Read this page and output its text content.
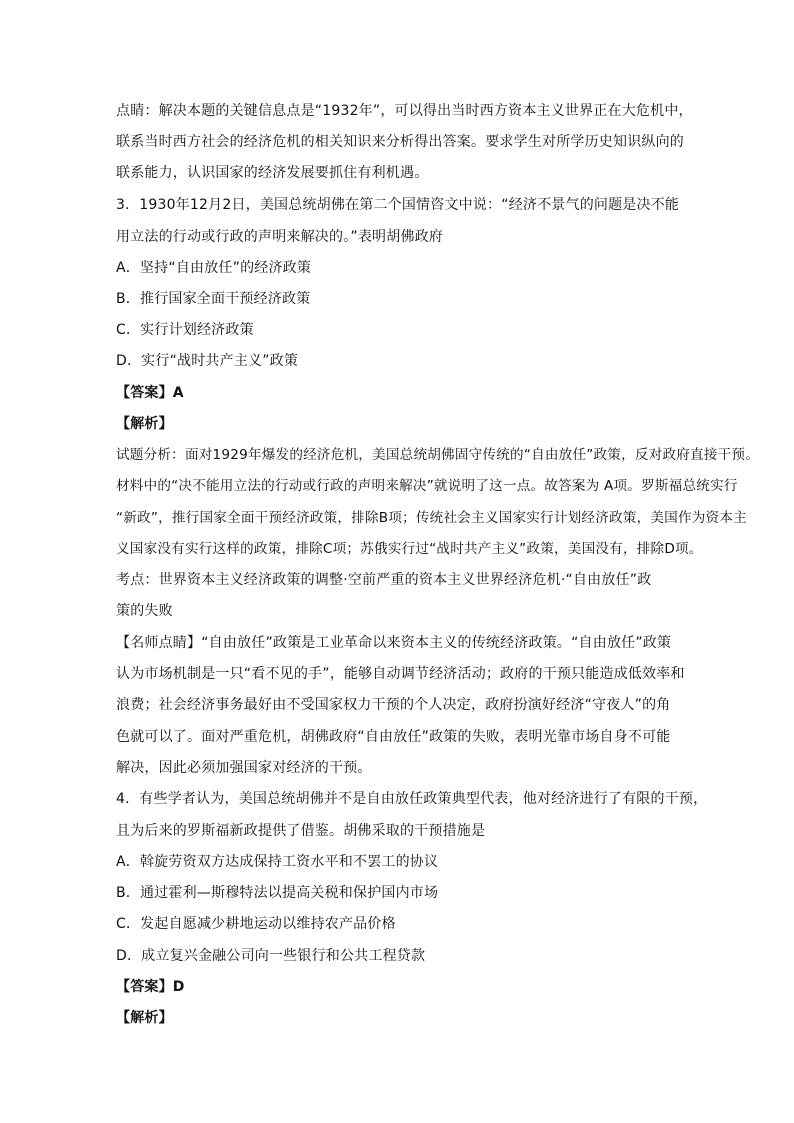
点睛：解决本题的关键信息点是“1932年”，可以得出当时西方资本主义世界正在大危机中，
联系当时西方社会的经济危机的相关知识来分析得出答案。要求学生对所学历史知识纵向的
联系能力，认识国家的经济发展要抓住有利机遇。
3．1930年12月2日，美国总统胡佛在第二个国情咨文中说：“经济不景气的问题是决不能
用立法的行动或行政的声明来解决的。”表明胡佛政府
A．坚持“自由放任”的经济政策
B．推行国家全面干预经济政策
C．实行计划经济政策
D．实行“战时共产主义”政策
【答案】A
【解析】
试题分析：面对1929年爆发的经济危机，美国总统胡佛固守传统的“自由放任”政策，反对政府直接干预。
材料中的“决不能用立法的行动或行政的声明来解决”就说明了这一点。故答案为 A项。罗斯福总统实行
“新政”，推行国家全面干预经济政策，排除B项；传统社会主义国家实行计划经济政策，美国作为资本主
义国家没有实行这样的政策，排除C项；苏俄实行过“战时共产主义”政策，美国没有，排除D项。
考点：世界资本主义经济政策的调整·空前严重的资本主义世界经济危机·“自由放任”政
策的失败
【名师点睛】“自由放任”政策是工业革命以来资本主义的传统经济政策。“自由放任”政策
认为市场机制是一只“看不见的手”，能够自动调节经济活动；政府的干预只能造成低效率和
浪费；社会经济事务最好由不受国家权力干预的个人决定，政府扮演好经济“守夜人”的角
色就可以了。面对严重危机，胡佛政府“自由放任”政策的失败，表明光靠市场自身不可能
解决，因此必须加强国家对经济的干预。
4．有些学者认为，美国总统胡佛并不是自由放任政策典型代表，他对经济进行了有限的干预，
且为后来的罗斯福新政提供了借鉴。胡佛采取的干预措施是
A．斡旋劳资双方达成保持工资水平和不罢工的协议
B．通过霍利—斯穆特法以提高关税和保护国内市场
C．发起自愿减少耕地运动以维持农产品价格
D．成立复兴金融公司向一些银行和公共工程贷款
【答案】D
【解析】
